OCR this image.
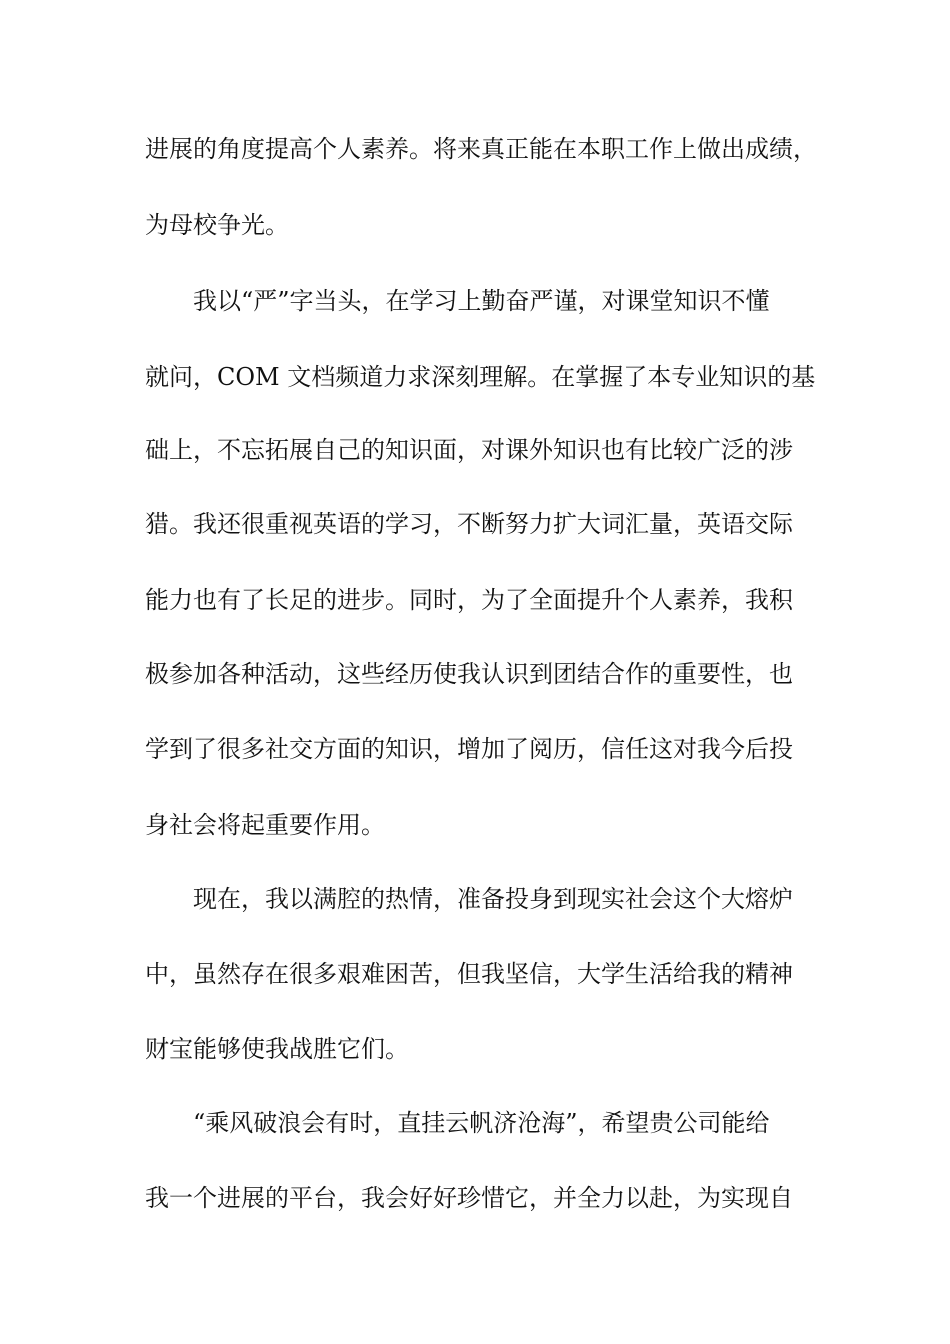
进展的角度提高个人素养。将来真正能在本职工作上做出成绩，
为母校争光。
我以“严”字当头，在学习上勤奋严谨，对课堂知识不懂
就问，COM 文档频道力求深刻理解。在掌握了本专业知识的基
础上，不忘拓展自己的知识面，对课外知识也有比较广泛的涉
猎。我还很重视英语的学习，不断努力扩大词汇量，英语交际
能力也有了长足的进步。同时，为了全面提升个人素养，我积
极参加各种活动，这些经历使我认识到团结合作的重要性，也
学到了很多社交方面的知识，增加了阅历，信任这对我今后投
身社会将起重要作用。
现在，我以满腔的热情，准备投身到现实社会这个大熔炉
中，虽然存在很多艰难困苦，但我坚信，大学生活给我的精神
财宝能够使我战胜它们。
“乘风破浪会有时，直挂云帆济沧海”，希望贵公司能给
我一个进展的平台，我会好好珍惜它，并全力以赴，为实现自
